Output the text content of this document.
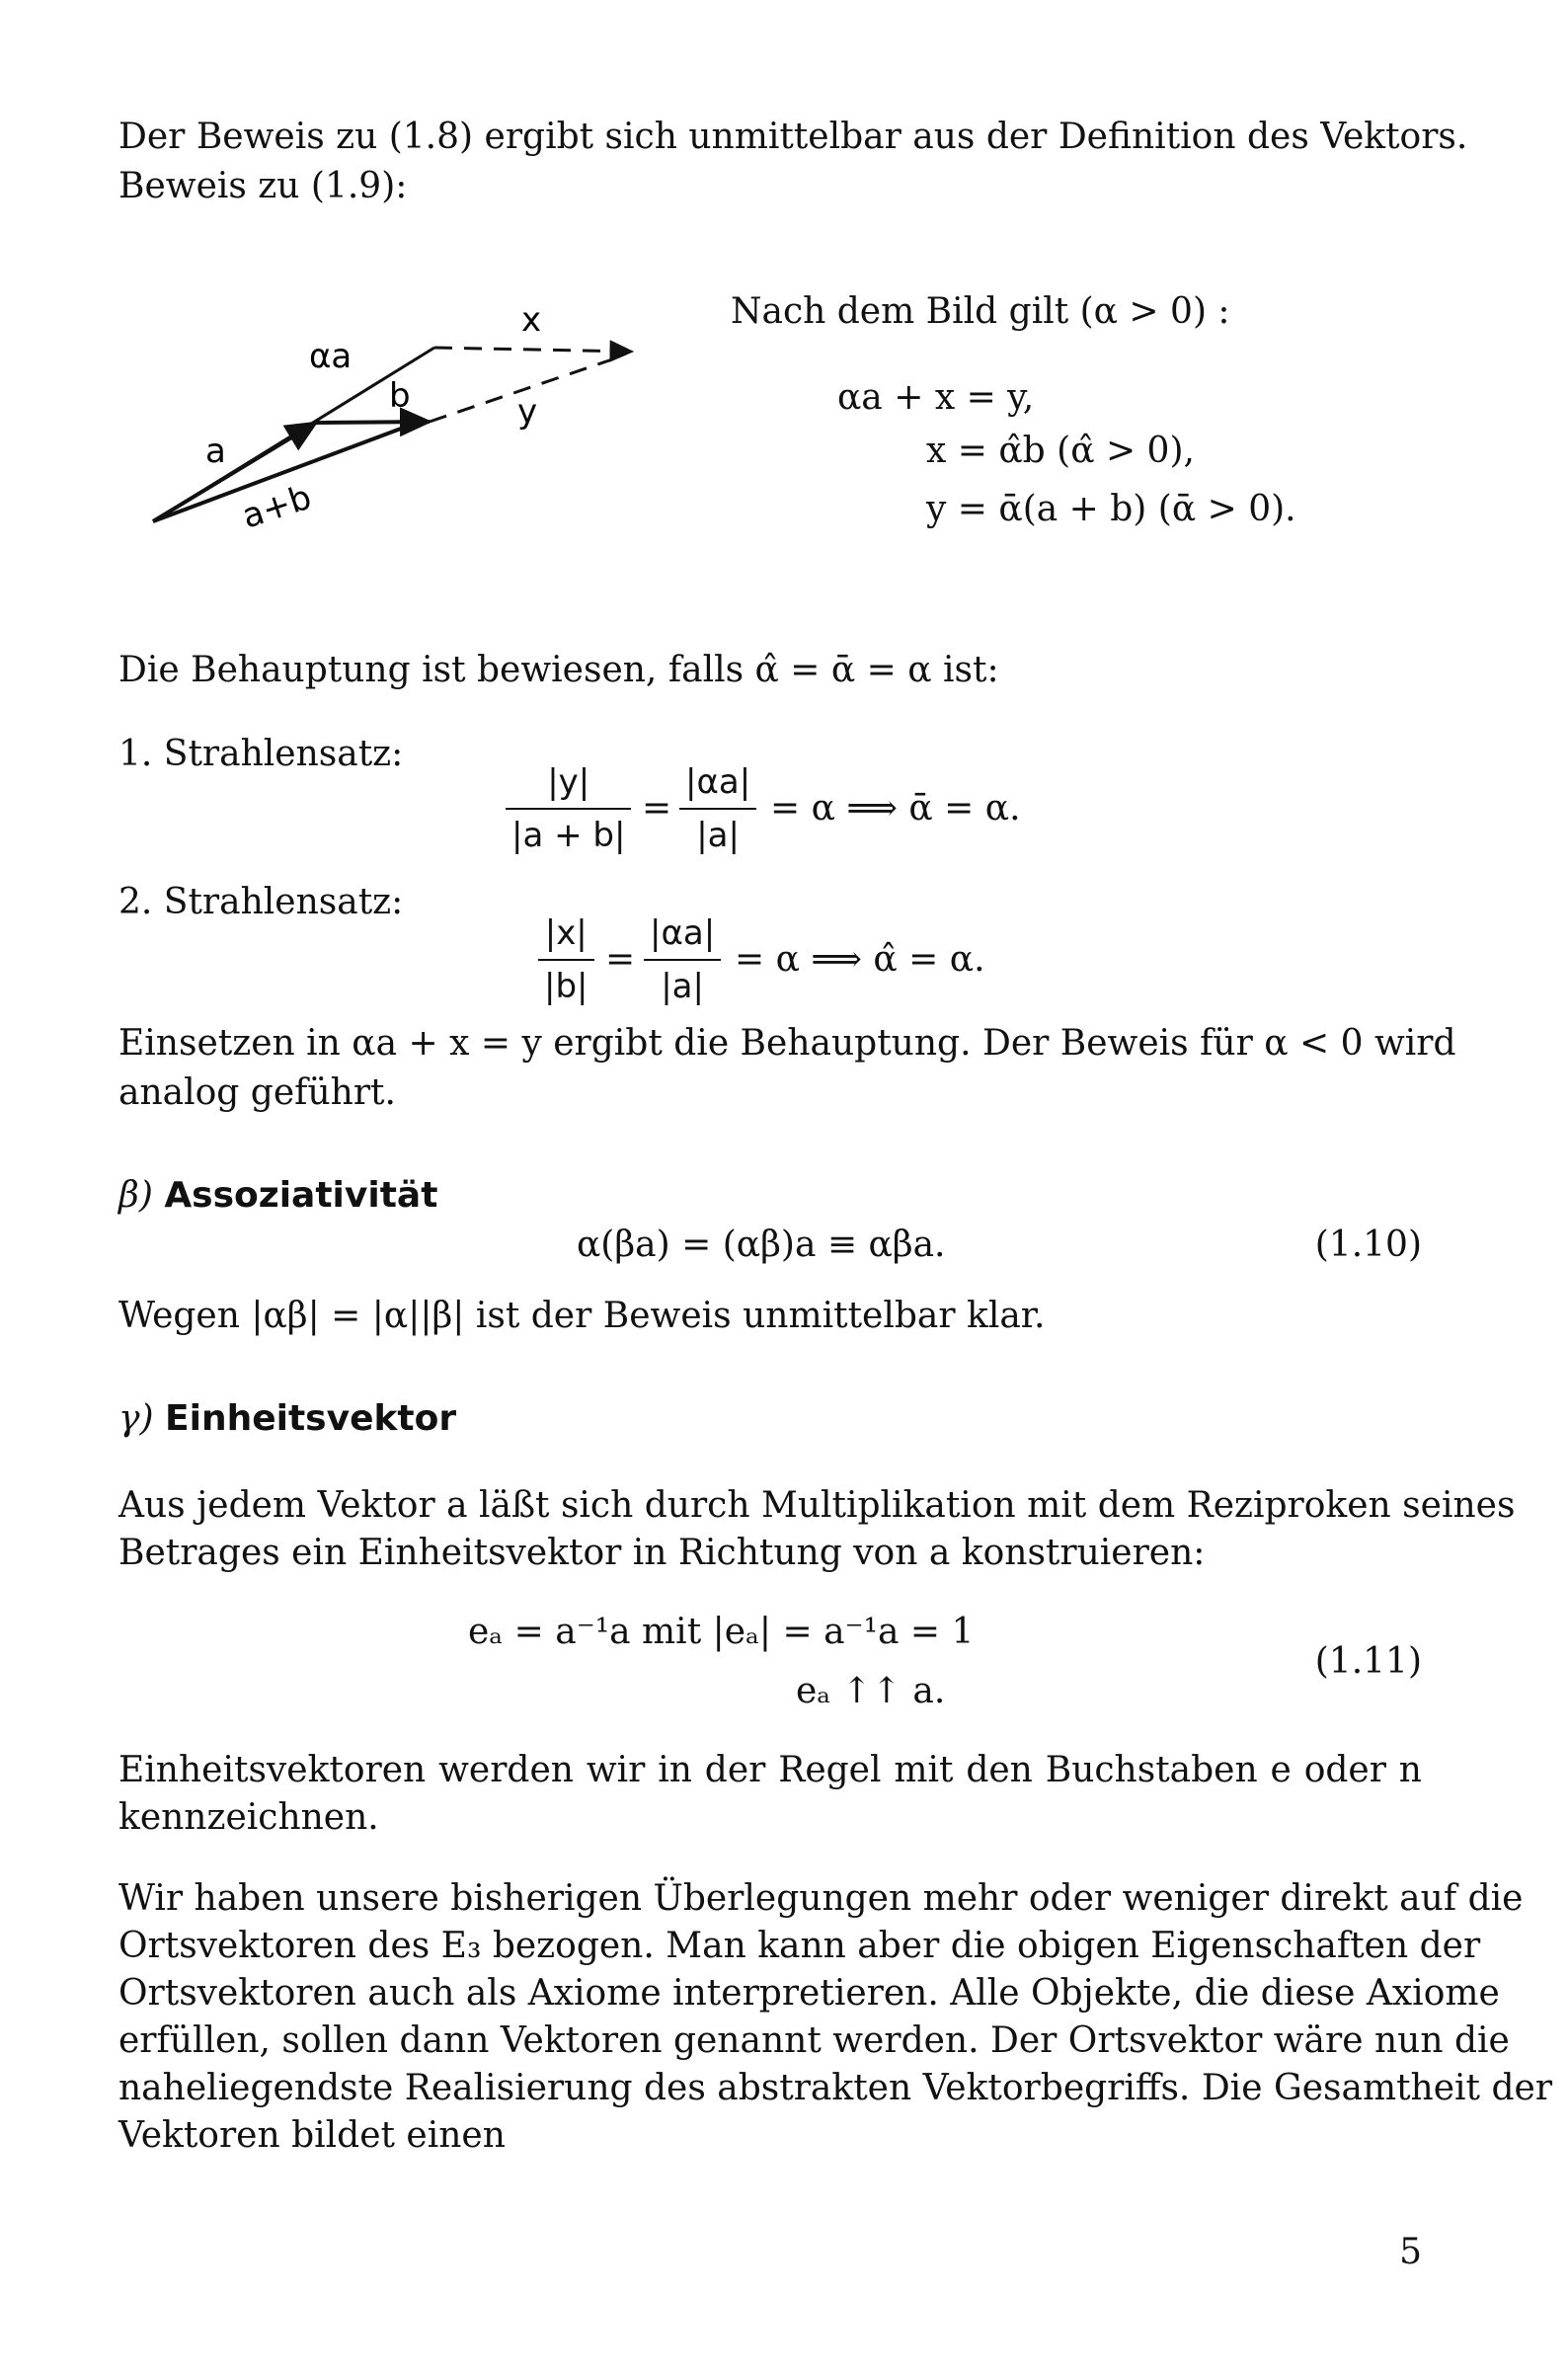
Der Beweis zu (1.8) ergibt sich unmittelbar aus der Definition des Vektors.
Beweis zu (1.9):
x
αa
b	y
a
a+b
Nach dem Bild gilt (α > 0) :
αa + x = y,
x = α̂b (α̂ > 0),
y = ᾱ(a + b) (ᾱ > 0).
Die Behauptung ist bewiesen, falls α̂ = ᾱ = α ist:
1. Strahlensatz:
|y|
|a + b|
=
|αa|
|a|
= α ⟹ ᾱ = α.
2. Strahlensatz:
|x|
|b|
=
|αa|
|a|
= α ⟹ α̂ = α.
Einsetzen in αa + x = y ergibt die Behauptung. Der Beweis für α < 0 wird
analog geführt.
β) Assoziativität
α(βa) = (αβ)a ≡ αβa.	(1.10)
Wegen |αβ| = |α||β| ist der Beweis unmittelbar klar.
γ) Einheitsvektor
Aus jedem Vektor a läßt sich durch Multiplikation mit dem Reziproken seines
Betrages ein Einheitsvektor in Richtung von a konstruieren:
eₐ = a⁻¹a mit |eₐ| = a⁻¹a = 1
eₐ ↑↑ a.
(1.11)
Einheitsvektoren werden wir in der Regel mit den Buchstaben e oder n
kennzeichnen.
Wir haben unsere bisherigen Überlegungen mehr oder weniger direkt auf die
Ortsvektoren des E₃ bezogen. Man kann aber die obigen Eigenschaften der
Ortsvektoren auch als Axiome interpretieren. Alle Objekte, die diese Axiome
erfüllen, sollen dann Vektoren genannt werden. Der Ortsvektor wäre nun die
naheliegendste Realisierung des abstrakten Vektorbegriffs. Die Gesamtheit der
Vektoren bildet einen
5
